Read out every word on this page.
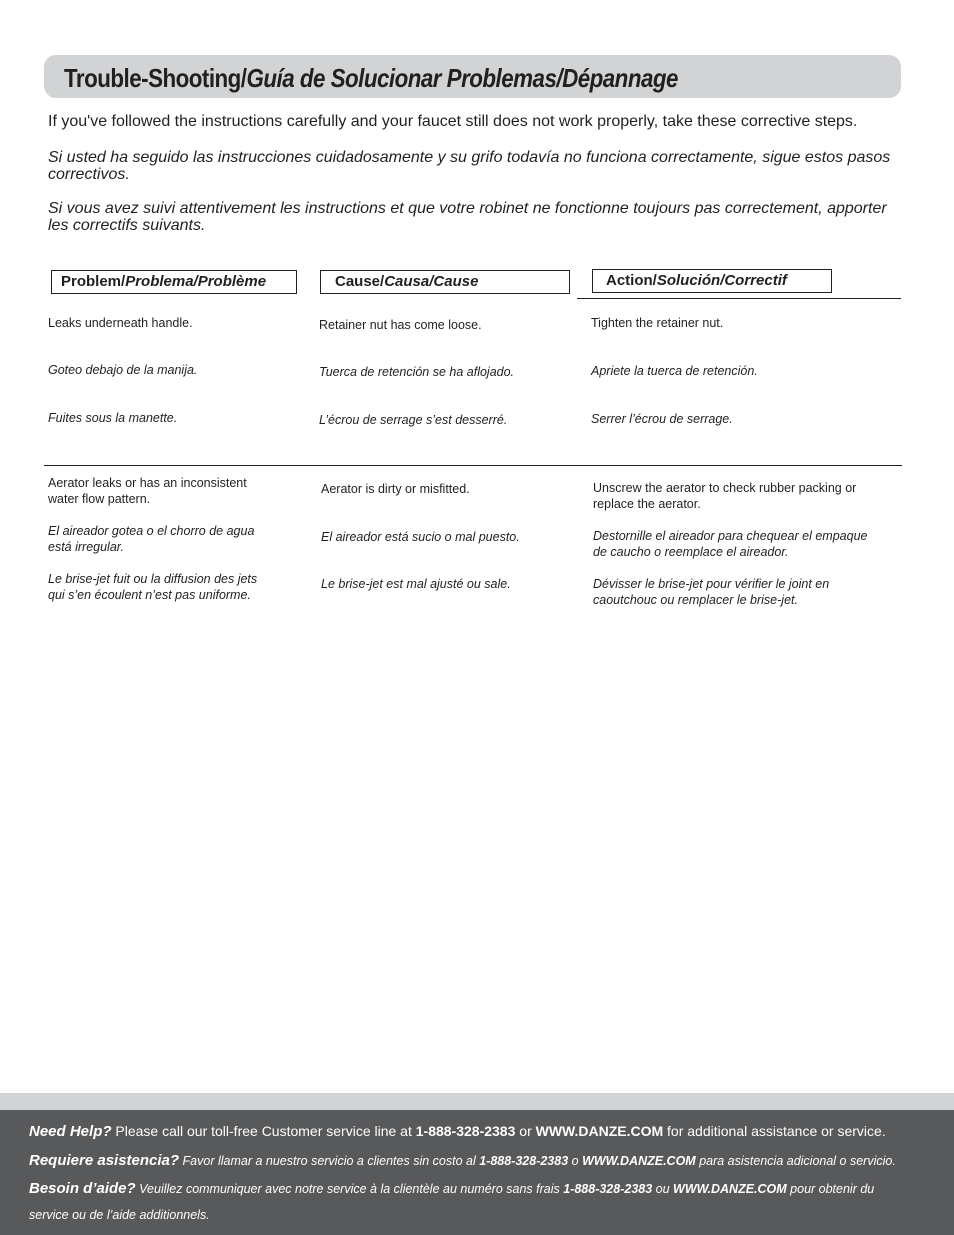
Trouble-Shooting/Guía de Solucionar Problemas/Dépannage

If you've followed the instructions carefully and your faucet still does not work properly, take these corrective steps.

Si usted ha seguido las instrucciones cuidadosamente y su grifo todavía no funciona correctamente, sigue estos pasos correctivos.

Si vous avez suivi attentivement les instructions et que votre robinet ne fonctionne toujours pas correctement, apporter les correctifs suivants.

Problem/Problema/Problème	Cause/Causa/Cause	Action/Solución/Correctif
Leaks underneath handle.
Goteo debajo de la manija.
Fuites sous la manette.
Retainer nut has come loose.
Tuerca de retención se ha aflojado.
L’écrou de serrage s’est desserré.
Tighten the retainer nut.
Apriete la tuerca de retención.
Serrer l’écrou de serrage.
Aerator leaks or has an inconsistent water flow pattern.
El aireador gotea o el chorro de agua está irregular.
Le brise-jet fuit ou la diffusion des jets qui s’en écoulent n’est pas uniforme.
Aerator is dirty or misfitted.
El aireador está sucio o mal puesto.
Le brise-jet est mal ajusté ou sale.
Unscrew the aerator to check rubber packing or replace the aerator.
Destornille el aireador para chequear el empaque de caucho o reemplace el aireador.
Dévisser le brise-jet pour vérifier le joint en caoutchouc ou remplacer le brise-jet.
Need Help? Please call our toll-free Customer service line at 1-888-328-2383 or WWW.DANZE.COM for additional assistance or service.
Requiere asistencia? Favor llamar a nuestro servicio a clientes sin costo al 1-888-328-2383 o WWW.DANZE.COM para asistencia adicional o servicio.
Besoin d’aide? Veuillez communiquer avec notre service à la clientèle au numéro sans frais 1-888-328-2383 ou WWW.DANZE.COM pour obtenir du
service ou de l’aide additionnels.
